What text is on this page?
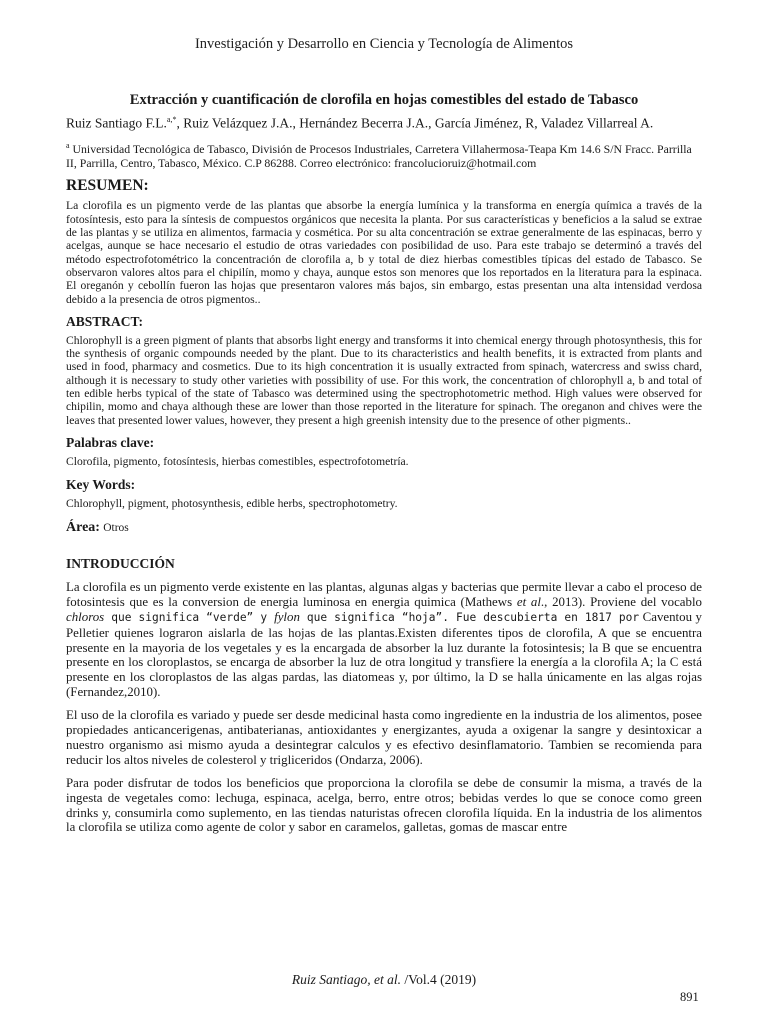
Investigación y Desarrollo en Ciencia y Tecnología de Alimentos
Extracción y cuantificación de clorofila en hojas comestibles del estado de Tabasco
Ruiz Santiago F.L.$^{a,*}$, Ruiz Velázquez J.A., Hernández Becerra J.A., García Jiménez, R, Valadez Villarreal A.
$^a$ Universidad Tecnológica de Tabasco, División de Procesos Industriales, Carretera Villahermosa-Teapa Km 14.6 S/N Fracc. Parrilla II, Parrilla, Centro, Tabasco, México. C.P 86288. Correo electrónico: francolucioruiz@hotmail.com
RESUMEN:

La clorofila es un pigmento verde de las plantas que absorbe la energía lumínica y la transforma en energía química a través de la fotosíntesis, esto para la síntesis de compuestos orgánicos que necesita la planta. Por sus características y beneficios a la salud se extrae de las plantas y se utiliza en alimentos, farmacia y cosmética. Por su alta concentración se extrae generalmente de las espinacas, berro y acelgas, aunque se hace necesario el estudio de otras variedades con posibilidad de uso. Para este trabajo se determinó a través del método espectrofotométrico la concentración de clorofila a, b y total de diez hierbas comestibles típicas del estado de Tabasco. Se observaron valores altos para el chipilín, momo y chaya, aunque estos son menores que los reportados en la literatura para la espinaca. El oreganón y cebollín fueron las hojas que presentaron valores más bajos, sin embargo, estas presentan una alta intensidad verdosa debido a la presencia de otros pigmentos..

ABSTRACT:

Chlorophyll is a green pigment of plants that absorbs light energy and transforms it into chemical energy through photosynthesis, this for the synthesis of organic compounds needed by the plant. Due to its characteristics and health benefits, it is extracted from plants and used in food, pharmacy and cosmetics. Due to its high concentration it is usually extracted from spinach, watercress and swiss chard, although it is necessary to study other varieties with possibility of use. For this work, the concentration of chlorophyll a, b and total of ten edible herbs typical of the state of Tabasco was determined using the spectrophotometric method. High values were observed for chipilin, momo and chaya although these are lower than those reported in the literature for spinach. The oreganon and chives were the leaves that presented lower values, however, they present a high greenish intensity due to the presence of other pigments..

Palabras clave:

Clorofila, pigmento, fotosíntesis, hierbas comestibles, espectrofotometría.

Key Words:

Chlorophyll, pigment, photosynthesis, edible herbs, spectrophotometry.

Área: Otros
INTRODUCCIÓN

La clorofila es un pigmento verde existente en las plantas, algunas algas y bacterias que permite llevar a cabo el proceso de fotosintesis que es la conversion de energia luminosa en energia quimica (Mathews et al., 2013). Proviene del vocablo chloros que significa “verde” y fylon que significa “hoja”. Fue descubierta en 1817 por Caventou y Pelletier quienes lograron aislarla de las hojas de las plantas.Existen diferentes tipos de clorofila, A que se encuentra presente en la mayoria de los vegetales y es la encargada de absorber la luz durante la fotosintesis; la B que se encuentra presente en los cloroplastos, se encarga de absorber la luz de otra longitud y transfiere la energía a la clorofila A; la C está presente en los cloroplastos de las algas pardas, las diatomeas y, por último, la D se halla únicamente en las algas rojas (Fernandez,2010).

El uso de la clorofila es variado y puede ser desde medicinal hasta como ingrediente en la industria de los alimentos, posee propiedades anticancerigenas, antibaterianas, antioxidantes y energizantes, ayuda a oxigenar la sangre y desintoxicar a nuestro organismo asi mismo ayuda a desintegrar calculos y es efectivo desinflamatorio. Tambien se recomienda para reducir los altos niveles de colesterol y trigliceridos (Ondarza, 2006).

Para poder disfrutar de todos los beneficios que proporciona la clorofila se debe de consumir la misma, a través de la ingesta de vegetales como: lechuga, espinaca, acelga, berro, entre otros; bebidas verdes lo que se conoce como green drinks y, consumirla como suplemento, en las tiendas naturistas ofrecen clorofila líquida. En la industria de los alimentos la clorofila se utiliza como agente de color y sabor en caramelos, galletas, gomas de mascar entre

Ruiz Santiago, et al. /Vol.4 (2019)
891
